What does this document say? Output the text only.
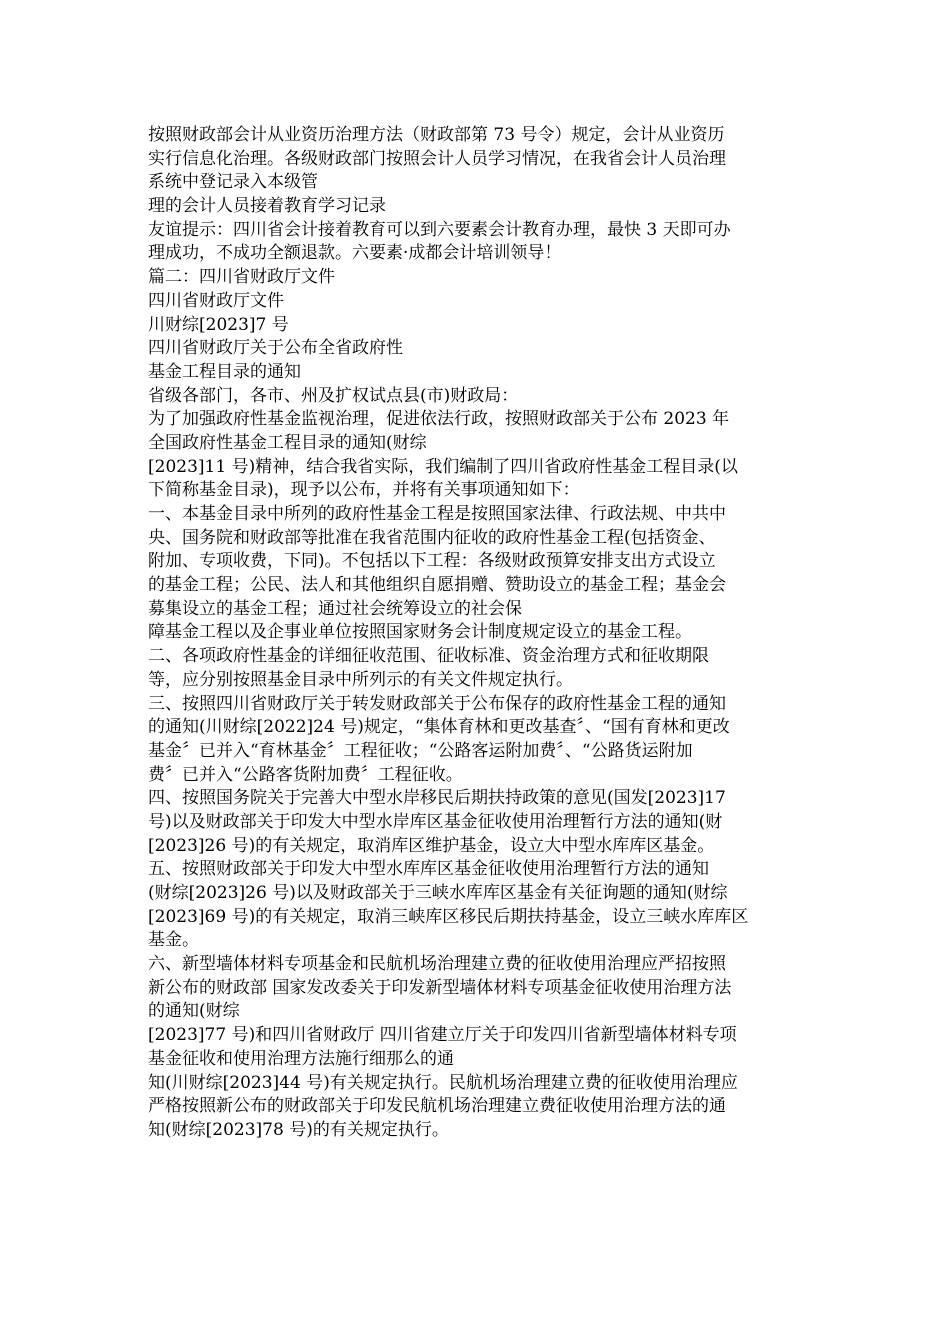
按照财政部会计从业资历治理方法（财政部第 73 号令）规定，会计从业资历
实行信息化治理。各级财政部门按照会计人员学习情况，在我省会计人员治理
系统中登记录入本级管
理的会计人员接着教育学习记录
友谊提示：四川省会计接着教育可以到六要素会计教育办理，最快 3 天即可办
理成功，不成功全额退款。六要素·成都会计培训领导！
篇二：四川省财政厅文件
四川省财政厅文件
川财综[2023]7 号
四川省财政厅关于公布全省政府性
基金工程目录的通知
省级各部门，各市、州及扩权试点县(市)财政局：
为了加强政府性基金监视治理，促进依法行政，按照财政部关于公布 2023 年
全国政府性基金工程目录的通知(财综
[2023]11 号)精神，结合我省实际，我们编制了四川省政府性基金工程目录(以
下简称基金目录)，现予以公布，并将有关事项通知如下：
一、本基金目录中所列的政府性基金工程是按照国家法律、行政法规、中共中
央、国务院和财政部等批准在我省范围内征收的政府性基金工程(包括资金、
附加、专项收费，下同)。不包括以下工程：各级财政预算安排支出方式设立
的基金工程；公民、法人和其他组织自愿捐赠、赞助设立的基金工程；基金会
募集设立的基金工程；通过社会统筹设立的社会保
障基金工程以及企事业单位按照国家财务会计制度规定设立的基金工程。
二、各项政府性基金的详细征收范围、征收标准、资金治理方式和征收期限
等，应分别按照基金目录中所列示的有关文件规定执行。
三、按照四川省财政厅关于转发财政部关于公布保存的政府性基金工程的通知
的通知(川财综[2022]24 号)规定，“集体育林和更改基查〞、“国有育林和更改
基金〞已并入“育林基金〞工程征收；“公路客运附加费〞、“公路货运附加
费〞已并入“公路客货附加费〞工程征收。
四、按照国务院关于完善大中型水岸移民后期扶持政策的意见(国发[2023]17
号)以及财政部关于印发大中型水岸库区基金征收使用治理暂行方法的通知(财
[2023]26 号)的有关规定，取消库区维护基金，设立大中型水库库区基金。
五、按照财政部关于印发大中型水库库区基金征收使用治理暂行方法的通知
(财综[2023]26 号)以及财政部关于三峡水库库区基金有关征询题的通知(财综
[2023]69 号)的有关规定，取消三峡库区移民后期扶持基金，设立三峡水库库区
基金。
六、新型墙体材料专项基金和民航机场治理建立费的征收使用治理应严招按照
新公布的财政部 国家发改委关于印发新型墙体材料专项基金征收使用治理方法
的通知(财综
[2023]77 号)和四川省财政厅 四川省建立厅关于印发四川省新型墙体材料专项
基金征收和使用治理方法施行细那么的通
知(川财综[2023]44 号)有关规定执行。民航机场治理建立费的征收使用治理应
严格按照新公布的财政部关于印发民航机场治理建立费征收使用治理方法的通
知(财综[2023]78 号)的有关规定执行。
